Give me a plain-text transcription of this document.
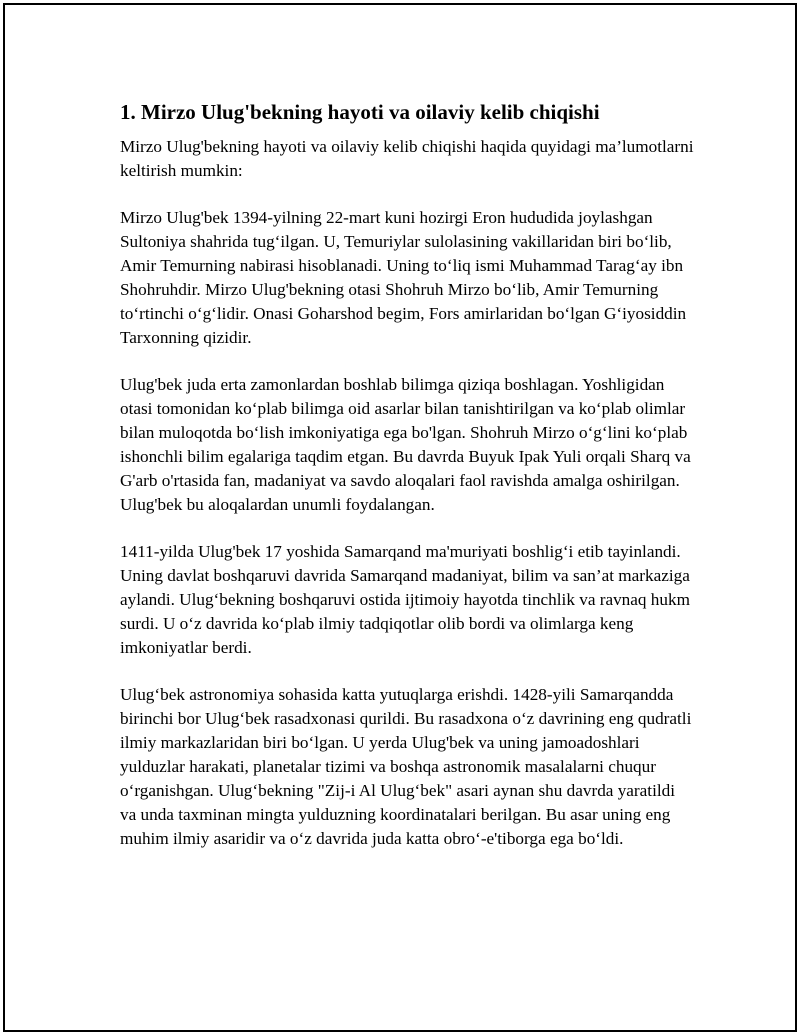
1. Mirzo Ulug'bekning hayoti va oilaviy kelib chiqishi

Mirzo Ulug'bekning hayoti va oilaviy kelib chiqishi haqida quyidagi ma’lumotlarni keltirish mumkin:

Mirzo Ulug'bek 1394-yilning 22-mart kuni hozirgi Eron hududida joylashgan Sultoniya shahrida tug‘ilgan. U, Temuriylar sulolasining vakillaridan biri bo‘lib, Amir Temurning nabirasi hisoblanadi. Uning to‘liq ismi Muhammad Tarag‘ay ibn Shohruhdir. Mirzo Ulug'bekning otasi Shohruh Mirzo bo‘lib, Amir Temurning to‘rtinchi o‘g‘lidir. Onasi Goharshod begim, Fors amirlaridan bo‘lgan G‘iyosiddin Tarxonning qizidir.

Ulug'bek juda erta zamonlardan boshlab bilimga qiziqa boshlagan. Yoshligidan otasi tomonidan ko‘plab bilimga oid asarlar bilan tanishtirilgan va ko‘plab olimlar bilan muloqotda bo‘lish imkoniyatiga ega bo'lgan. Shohruh Mirzo o‘g‘lini ko‘plab ishonchli bilim egalariga taqdim etgan. Bu davrda Buyuk Ipak Yuli orqali Sharq va G'arb o'rtasida fan, madaniyat va savdo aloqalari faol ravishda amalga oshirilgan. Ulug'bek bu aloqalardan unumli foydalangan.

1411-yilda Ulug'bek 17 yoshida Samarqand ma'muriyati boshlig‘i etib tayinlandi. Uning davlat boshqaruvi davrida Samarqand madaniyat, bilim va san’at markaziga aylandi. Ulug‘bekning boshqaruvi ostida ijtimoiy hayotda tinchlik va ravnaq hukm surdi. U o‘z davrida ko‘plab ilmiy tadqiqotlar olib bordi va olimlarga keng imkoniyatlar berdi.

Ulug‘bek astronomiya sohasida katta yutuqlarga erishdi. 1428-yili Samarqandda birinchi bor Ulug‘bek rasadxonasi qurildi. Bu rasadxona o‘z davrining eng qudratli ilmiy markazlaridan biri bo‘lgan. U yerda Ulug'bek va uning jamoadoshlari yulduzlar harakati, planetalar tizimi va boshqa astronomik masalalarni chuqur o‘rganishgan. Ulug‘bekning "Zij-i Al Ulug‘bek" asari aynan shu davrda yaratildi va unda taxminan mingta yulduzning koordinatalari berilgan. Bu asar uning eng muhim ilmiy asaridir va o‘z davrida juda katta obro‘-e'tiborga ega bo‘ldi.
